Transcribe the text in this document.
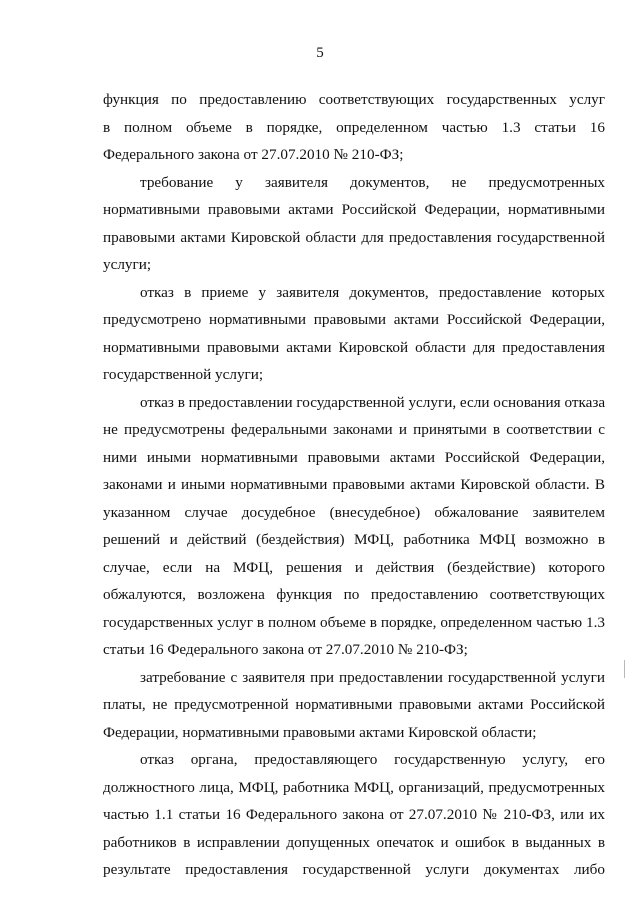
5
функция по предоставлению соответствующих государственных услуг
в полном объеме в порядке, определенном частью 1.3 статьи 16
Федерального закона от 27.07.2010 № 210-ФЗ;
требование у заявителя документов, не предусмотренных
нормативными правовыми актами Российской Федерации, нормативными
правовыми актами Кировской области для предоставления государственной
услуги;
отказ в приеме у заявителя документов, предоставление которых
предусмотрено нормативными правовыми актами Российской Федерации,
нормативными правовыми актами Кировской области для предоставления
государственной услуги;
отказ в предоставлении государственной услуги, если основания отказа
не предусмотрены федеральными законами и принятыми в соответствии с
ними иными нормативными правовыми актами Российской Федерации,
законами и иными нормативными правовыми актами Кировской области. В
указанном случае досудебное (внесудебное) обжалование заявителем
решений и действий (бездействия) МФЦ, работника МФЦ возможно в
случае, если на МФЦ, решения и действия (бездействие) которого
обжалуются, возложена функция по предоставлению соответствующих
государственных услуг в полном объеме в порядке, определенном частью 1.3
статьи 16 Федерального закона от 27.07.2010 № 210-ФЗ;
затребование с заявителя при предоставлении государственной услуги
платы, не предусмотренной нормативными правовыми актами Российской
Федерации, нормативными правовыми актами Кировской области;
отказ органа, предоставляющего государственную услугу, его
должностного лица, МФЦ, работника МФЦ, организаций, предусмотренных
частью 1.1 статьи 16 Федерального закона от 27.07.2010 № 210-ФЗ, или их
работников в исправлении допущенных опечаток и ошибок в выданных в
результате предоставления государственной услуги документах либо
